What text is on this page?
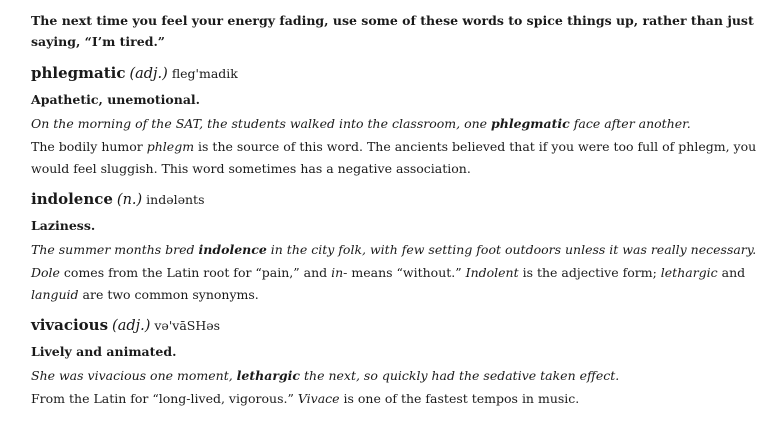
The next time you feel your energy fading, use some of these words to spice things up, rather than just saying, “I’m tired.”

phlegmatic (adj.) fleg'madik

Apathetic, unemotional.

On the morning of the SAT, the students walked into the classroom, one phlegmatic face after another.

The bodily humor phlegm is the source of this word. The ancients believed that if you were too full of phlegm, you would feel sluggish. This word sometimes has a negative association.

indolence (n.) indələnts

Laziness.

The summer months bred indolence in the city folk, with few setting foot outdoors unless it was really necessary.

Dole comes from the Latin root for “pain,” and in- means “without.” Indolent is the adjective form; lethargic and languid are two common synonyms.

vivacious (adj.) və'vāSHəs

Lively and animated.

She was vivacious one moment, lethargic the next, so quickly had the sedative taken effect.

From the Latin for “long-lived, vigorous.” Vivace is one of the fastest tempos in music.
